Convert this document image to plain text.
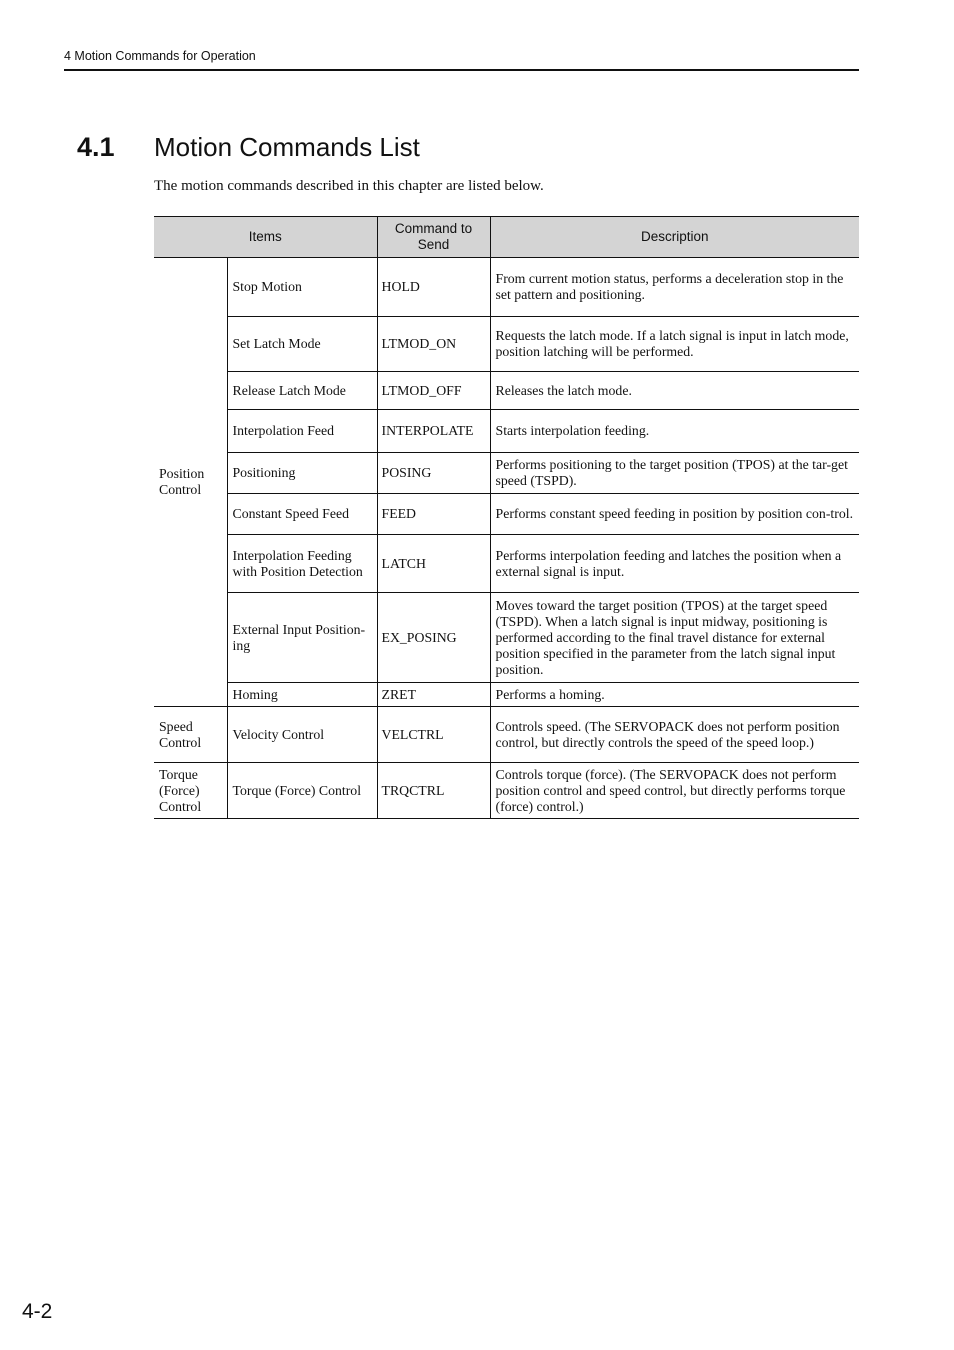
4 Motion Commands for Operation
4.1 Motion Commands List
The motion commands described in this chapter are listed below.
Items		Command to Send	Description
Position Control	Stop Motion	HOLD	From current motion status, performs a deceleration stop in the set pattern and positioning.
	Set Latch Mode	LTMOD_ON	Requests the latch mode. If a latch signal is input in latch mode, position latching will be performed.
	Release Latch Mode	LTMOD_OFF	Releases the latch mode.
	Interpolation Feed	INTERPOLATE	Starts interpolation feeding.
	Positioning	POSING	Performs positioning to the target position (TPOS) at the tar-get speed (TSPD).
	Constant Speed Feed	FEED	Performs constant speed feeding in position by position con-trol.
	Interpolation Feeding with Position Detection	LATCH	Performs interpolation feeding and latches the position when a external signal is input.
	External Input Position-ing	EX_POSING	Moves toward the target position (TPOS) at the target speed (TSPD). When a latch signal is input midway, positioning is performed according to the final travel distance for external position specified in the parameter from the latch signal input position.
	Homing	ZRET	Performs a homing.
Speed Control	Velocity Control	VELCTRL	Controls speed. (The SERVOPACK does not perform position control, but directly controls the speed of the speed loop.)
Torque (Force) Control	Torque (Force) Control	TRQCTRL	Controls torque (force). (The SERVOPACK does not perform position control and speed control, but directly performs torque (force) control.)
4-2
